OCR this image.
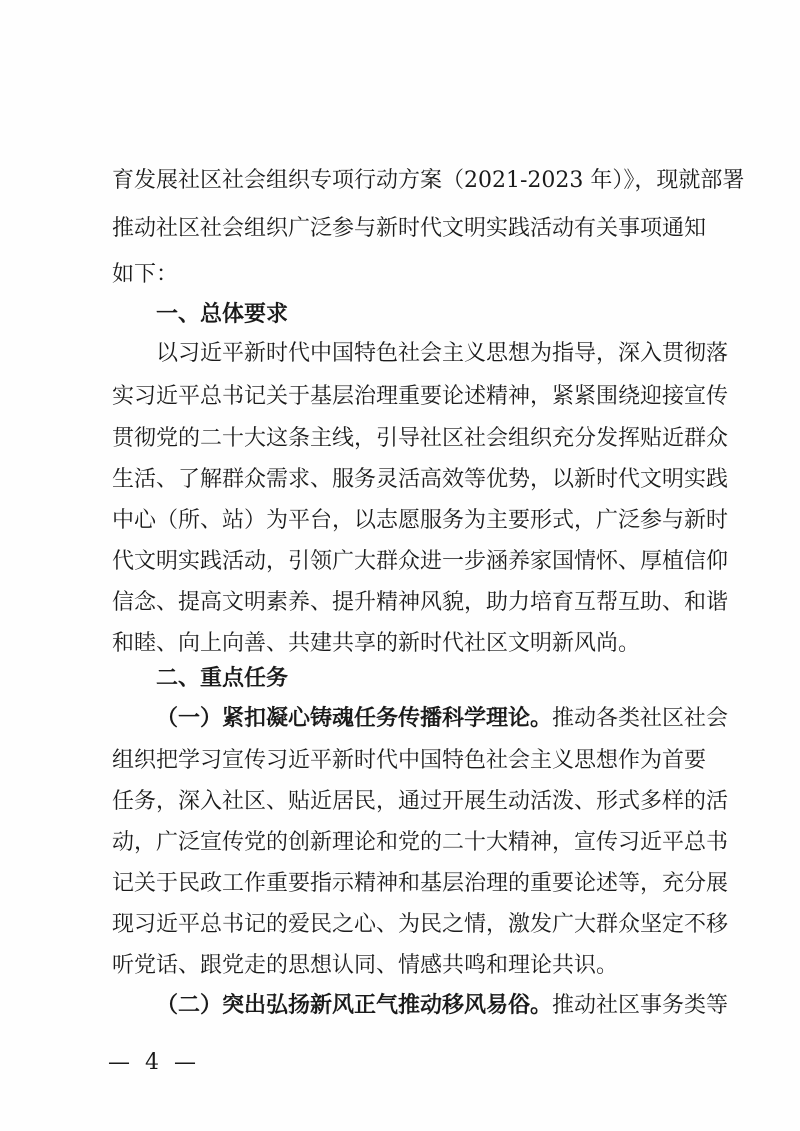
育发展社区社会组织专项行动方案（2021-2023 年）》，现就部署
推动社区社会组织广泛参与新时代文明实践活动有关事项通知
如下：
一、总体要求
以习近平新时代中国特色社会主义思想为指导，深入贯彻落
实习近平总书记关于基层治理重要论述精神，紧紧围绕迎接宣传
贯彻党的二十大这条主线，引导社区社会组织充分发挥贴近群众
生活、了解群众需求、服务灵活高效等优势，以新时代文明实践
中心（所、站）为平台，以志愿服务为主要形式，广泛参与新时
代文明实践活动，引领广大群众进一步涵养家国情怀、厚植信仰
信念、提高文明素养、提升精神风貌，助力培育互帮互助、和谐
和睦、向上向善、共建共享的新时代社区文明新风尚。
二、重点任务
（一）紧扣凝心铸魂任务传播科学理论。推动各类社区社会
组织把学习宣传习近平新时代中国特色社会主义思想作为首要
任务，深入社区、贴近居民，通过开展生动活泼、形式多样的活
动，广泛宣传党的创新理论和党的二十大精神，宣传习近平总书
记关于民政工作重要指示精神和基层治理的重要论述等，充分展
现习近平总书记的爱民之心、为民之情，激发广大群众坚定不移
听党话、跟党走的思想认同、情感共鸣和理论共识。
（二）突出弘扬新风正气推动移风易俗。推动社区事务类等
— 4 —
